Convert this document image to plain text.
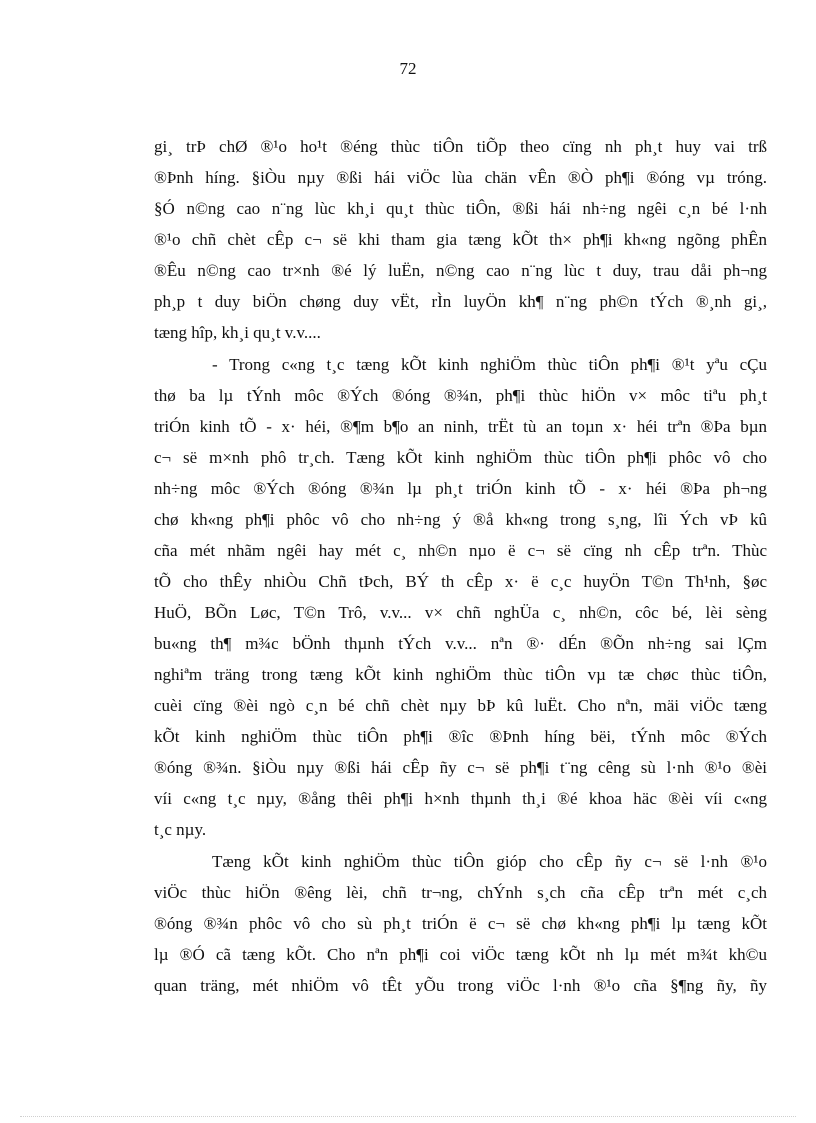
72
gi¸ trÞ chØ ®¹o ho¹t ®éng thùc tiÔn tiÕp theo cïng nh ph¸t huy vai trß
®Þnh híng. §iÒu nµy ®ßi hái viÖc lùa chän vÊn ®Ò ph¶i ®óng vµ tróng.
§Ó n©ng cao n¨ng lùc kh¸i qu¸t thùc tiÔn, ®ßi hái nh÷ng ngêi c¸n bé l·nh
®¹o chñ chèt cÊp c¬ së khi tham gia tæng kÕt th× ph¶i kh«ng ngõng phÊn
®Êu n©ng cao tr×nh ®é lý luËn, n©ng cao n¨ng lùc t duy, trau dåi ph¬ng
ph¸p t duy biÖn chøng duy vËt, rÌn luyÖn kh¶ n¨ng ph©n tÝch ®¸nh gi¸,
tæng hîp, kh¸i qu¸t v.v....
- Trong c«ng t¸c tæng kÕt kinh nghiÖm thùc tiÔn ph¶i ®¹t yªu cÇu
thø ba lµ tÝnh môc ®Ých ®óng ®¾n, ph¶i thùc hiÖn v× môc tiªu ph¸t
triÓn kinh tÕ - x· héi, ®¶m b¶o an ninh, trËt tù an toµn x· héi trªn ®Þa bµn
c¬ së m×nh phô tr¸ch. Tæng kÕt kinh nghiÖm thùc tiÔn ph¶i phôc vô cho
nh÷ng môc ®Ých ®óng ®¾n lµ ph¸t triÓn kinh tÕ - x· héi ®Þa ph¬ng
chø kh«ng ph¶i phôc vô cho nh÷ng ý ®å kh«ng trong s¸ng, lîi Ých vÞ kû
cña mét nhãm ngêi hay mét c¸ nh©n nµo ë c¬ së cïng nh cÊp trªn. Thùc
tÕ cho thÊy nhiÒu Chñ tÞch, BÝ th cÊp x· ë c¸c huyÖn T©n Th¹nh, §øc
HuÖ, BÕn Løc, T©n Trô, v.v... v× chñ nghÜa c¸ nh©n, côc bé, lèi sèng
bu«ng th¶ m¾c bÖnh thµnh tÝch v.v... nªn ®· dÉn ®Õn nh÷ng sai lÇm
nghiªm träng trong tæng kÕt kinh nghiÖm thùc tiÔn vµ tæ chøc thùc tiÔn,
cuèi cïng ®èi ngò c¸n bé chñ chèt nµy bÞ kû luËt. Cho nªn, mäi viÖc tæng
kÕt kinh nghiÖm thùc tiÔn ph¶i ®îc ®Þnh híng bëi, tÝnh môc ®Ých
®óng ®¾n. §iÒu nµy ®ßi hái cÊp ñy c¬ së ph¶i t¨ng cêng sù l·nh ®¹o ®èi
víi c«ng t¸c nµy, ®ång thêi ph¶i h×nh thµnh th¸i ®é khoa häc ®èi víi c«ng
t¸c nµy.
Tæng kÕt kinh nghiÖm thùc tiÔn gióp cho cÊp ñy c¬ së l·nh ®¹o
viÖc thùc hiÖn ®êng lèi, chñ tr¬ng, chÝnh s¸ch cña cÊp trªn mét c¸ch
®óng ®¾n phôc vô cho sù ph¸t triÓn ë c¬ së chø kh«ng ph¶i lµ tæng kÕt
lµ ®Ó cã tæng kÕt. Cho nªn ph¶i coi viÖc tæng kÕt nh lµ mét m¾t kh©u
quan träng, mét nhiÖm vô tÊt yÕu trong viÖc l·nh ®¹o cña §¶ng ñy, ñy
